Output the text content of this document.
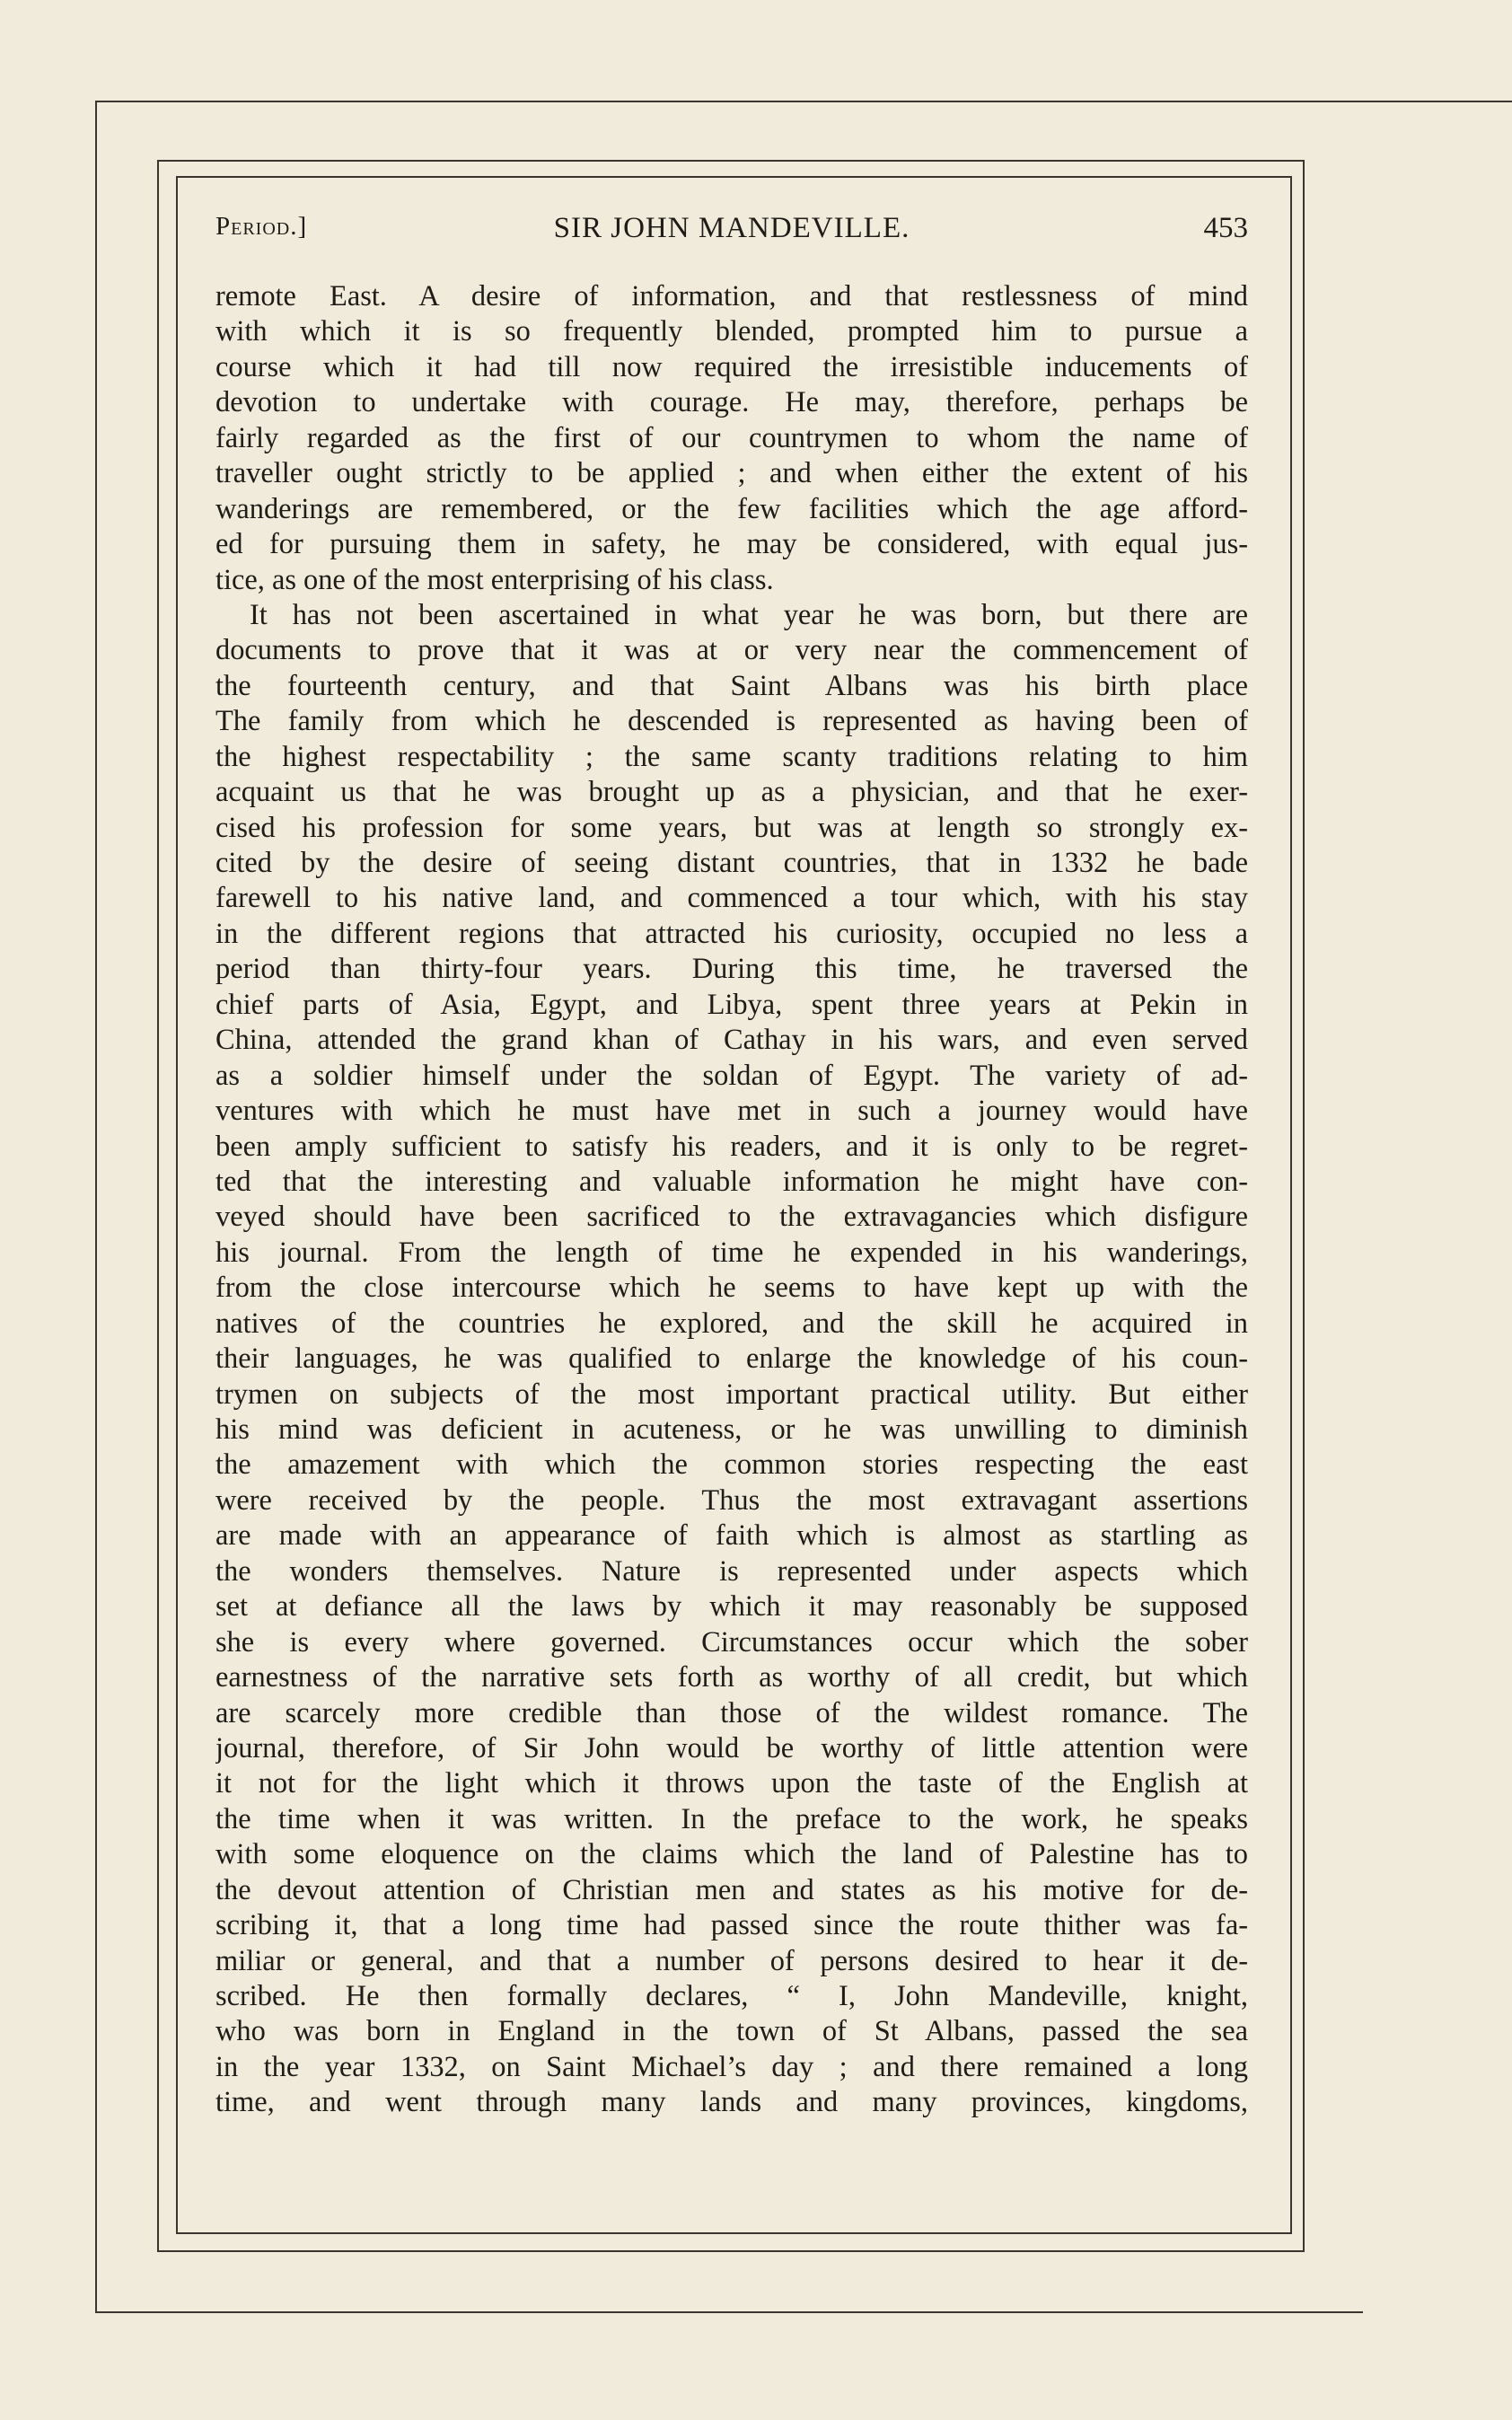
Period.]	SIR JOHN MANDEVILLE.	453
remote East. A desire of information, and that restlessness of mind
with which it is so frequently blended, prompted him to pursue a
course which it had till now required the irresistible inducements of
devotion to undertake with courage. He may, therefore, perhaps be
fairly regarded as the first of our countrymen to whom the name of
traveller ought strictly to be applied ; and when either the extent of his
wanderings are remembered, or the few facilities which the age afford-
ed for pursuing them in safety, he may be considered, with equal jus-
tice, as one of the most enterprising of his class.
It has not been ascertained in what year he was born, but there are
documents to prove that it was at or very near the commencement of
the fourteenth century, and that Saint Albans was his birth place
The family from which he descended is represented as having been of
the highest respectability ; the same scanty traditions relating to him
acquaint us that he was brought up as a physician, and that he exer-
cised his profession for some years, but was at length so strongly ex-
cited by the desire of seeing distant countries, that in 1332 he bade
farewell to his native land, and commenced a tour which, with his stay
in the different regions that attracted his curiosity, occupied no less a
period than thirty-four years. During this time, he traversed the
chief parts of Asia, Egypt, and Libya, spent three years at Pekin in
China, attended the grand khan of Cathay in his wars, and even served
as a soldier himself under the soldan of Egypt. The variety of ad-
ventures with which he must have met in such a journey would have
been amply sufficient to satisfy his readers, and it is only to be regret-
ted that the interesting and valuable information he might have con-
veyed should have been sacrificed to the extravagancies which disfigure
his journal. From the length of time he expended in his wanderings,
from the close intercourse which he seems to have kept up with the
natives of the countries he explored, and the skill he acquired in
their languages, he was qualified to enlarge the knowledge of his coun-
trymen on subjects of the most important practical utility. But either
his mind was deficient in acuteness, or he was unwilling to diminish
the amazement with which the common stories respecting the east
were received by the people. Thus the most extravagant assertions
are made with an appearance of faith which is almost as startling as
the wonders themselves. Nature is represented under aspects which
set at defiance all the laws by which it may reasonably be supposed
she is every where governed. Circumstances occur which the sober
earnestness of the narrative sets forth as worthy of all credit, but which
are scarcely more credible than those of the wildest romance. The
journal, therefore, of Sir John would be worthy of little attention were
it not for the light which it throws upon the taste of the English at
the time when it was written. In the preface to the work, he speaks
with some eloquence on the claims which the land of Palestine has to
the devout attention of Christian men and states as his motive for de-
scribing it, that a long time had passed since the route thither was fa-
miliar or general, and that a number of persons desired to hear it de-
scribed. He then formally declares, “ I, John Mandeville, knight,
who was born in England in the town of St Albans, passed the sea
in the year 1332, on Saint Michael’s day ; and there remained a long
time, and went through many lands and many provinces, kingdoms,
